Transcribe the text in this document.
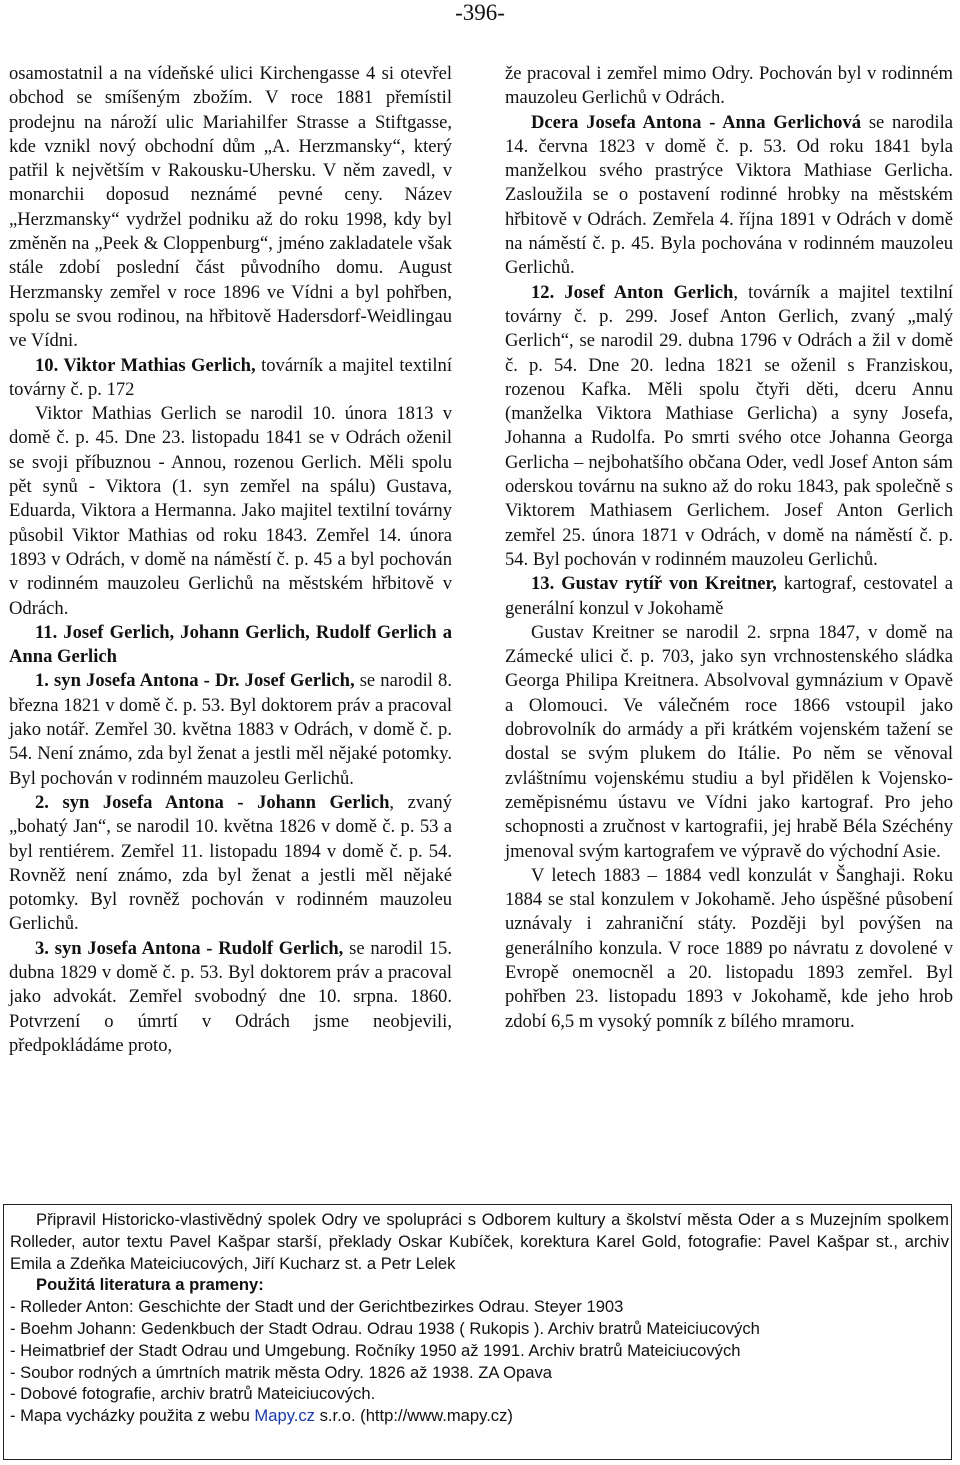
-396-

osamostatnil a na vídeňské ulici Kirchengasse 4 si otevřel obchod se smíšeným zbožím. V roce 1881 přemístil prodejnu na nároží ulic Mariahilfer Strasse a Stiftgasse, kde vznikl nový obchodní dům „A. Herzmansky“, který patřil k největším v Rakousku-Uhersku. V něm zavedl, v monarchii doposud neznámé pevné ceny. Název „Herzmansky“ vydržel podniku až do roku 1998, kdy byl změněn na „Peek & Cloppenburg“, jméno zakladatele však stále zdobí poslední část původního domu. August Herzmansky zemřel v roce 1896 ve Vídni a byl pohřben, spolu se svou rodinou, na hřbitově Hadersdorf-Weidlingau ve Vídni.

10. Viktor Mathias Gerlich, továrník a majitel textilní továrny č. p. 172

Viktor Mathias Gerlich se narodil 10. února 1813 v domě č. p. 45. Dne 23. listopadu 1841 se v Odrách oženil se svoji příbuznou - Annou, rozenou Gerlich. Měli spolu pět synů - Viktora (1. syn zemřel na spálu) Gustava, Eduarda, Viktora a Hermanna. Jako majitel textilní továrny působil Viktor Mathias od roku 1843. Zemřel 14. února 1893 v Odrách, v domě na náměstí č. p. 45 a byl pochován v rodinném mauzoleu Gerlichů na městském hřbitově v Odrách.

11. Josef Gerlich, Johann Gerlich, Rudolf Gerlich a Anna Gerlich

1. syn Josefa Antona - Dr. Josef Gerlich, se narodil 8. března 1821 v domě č. p. 53. Byl doktorem práv a pracoval jako notář. Zemřel 30. května 1883 v Odrách, v domě č. p. 54. Není známo, zda byl ženat a jestli měl nějaké potomky. Byl pochován v rodinném mauzoleu Gerlichů.

2. syn Josefa Antona - Johann Gerlich, zvaný „bohatý Jan“, se narodil 10. května 1826 v domě č. p. 53 a byl rentiérem. Zemřel 11. listopadu 1894 v domě č. p. 54. Rovněž není známo, zda byl ženat a jestli měl nějaké potomky. Byl rovněž pochován v rodinném mauzoleu Gerlichů.

3. syn Josefa Antona - Rudolf Gerlich, se narodil 15. dubna 1829 v domě č. p. 53. Byl doktorem práv a pracoval jako advokát. Zemřel svobodný dne 10. srpna. 1860. Potvrzení o úmrtí v Odrách jsme neobjevili, předpokládáme proto,

že pracoval i zemřel mimo Odry. Pochován byl v rodinném mauzoleu Gerlichů v Odrách.

Dcera Josefa Antona - Anna Gerlichová se narodila 14. června 1823 v domě č. p. 53. Od roku 1841 byla manželkou svého prastrýce Viktora Mathiase Gerlicha. Zasloužila se o postavení rodinné hrobky na městském hřbitově v Odrách. Zemřela 4. října 1891 v Odrách v domě na náměstí č. p. 45. Byla pochována v rodinném mauzoleu Gerlichů.

12. Josef Anton Gerlich, továrník a majitel textilní továrny č. p. 299. Josef Anton Gerlich, zvaný „malý Gerlich“, se narodil 29. dubna 1796 v Odrách a žil v domě č. p. 54. Dne 20. ledna 1821 se oženil s Franziskou, rozenou Kafka. Měli spolu čtyři děti, dceru Annu (manželka Viktora Mathiase Gerlicha) a syny Josefa, Johanna a Rudolfa. Po smrti svého otce Johanna Georga Gerlicha – nejbohatšího občana Oder, vedl Josef Anton sám oderskou továrnu na sukno až do roku 1843, pak společně s Viktorem Mathiasem Gerlichem. Josef Anton Gerlich zemřel 25. února 1871 v Odrách, v domě na náměstí č. p. 54. Byl pochován v rodinném mauzoleu Gerlichů.

13. Gustav rytíř von Kreitner, kartograf, cestovatel a generální konzul v Jokohamě

Gustav Kreitner se narodil 2. srpna 1847, v domě na Zámecké ulici č. p. 703, jako syn vrchnostenského sládka Georga Philipa Kreitnera. Absolvoval gymnázium v Opavě a Olomouci. Ve válečném roce 1866 vstoupil jako dobrovolník do armády a při krátkém vojenském tažení se dostal se svým plukem do Itálie. Po něm se věnoval zvláštnímu vojenskému studiu a byl přidělen k Vojensko-zeměpisnému ústavu ve Vídni jako kartograf. Pro jeho schopnosti a zručnost v kartografii, jej hrabě Béla Széchény jmenoval svým kartografem ve výpravě do východní Asie.

V letech 1883 – 1884 vedl konzulát v Šanghaji. Roku 1884 se stal konzulem v Jokohamě. Jeho úspěšné působení uznávaly i zahraniční státy. Později byl povýšen na generálního konzula. V roce 1889 po návratu z dovolené v Evropě onemocněl a 20. listopadu 1893 zemřel. Byl pohřben 23. listopadu 1893 v Jokohamě, kde jeho hrob zdobí 6,5 m vysoký pomník z bílého mramoru.

Připravil Historicko-vlastivědný spolek Odry ve spolupráci s Odborem kultury a školství města Oder a s Muzejním spolkem Rolleder, autor textu Pavel Kašpar starší, překlady Oskar Kubíček, korektura Karel Gold, fotografie: Pavel Kašpar st., archiv Emila a Zdeňka Mateiciucových, Jiří Kucharz st. a Petr Lelek

Použitá literatura a prameny:

- Rolleder Anton: Geschichte der Stadt und der Gerichtbezirkes Odrau. Steyer 1903
- Boehm Johann: Gedenkbuch der Stadt Odrau. Odrau 1938 ( Rukopis ). Archiv bratrů Mateiciucových
- Heimatbrief der Stadt Odrau und Umgebung. Ročníky 1950 až 1991. Archiv bratrů Mateiciucových
- Soubor rodných a úmrtních matrik města Odry. 1826 až 1938. ZA Opava
- Dobové fotografie, archiv bratrů Mateiciucových.
- Mapa vycházky použita z webu Mapy.cz s.r.o. (http://www.mapy.cz)
